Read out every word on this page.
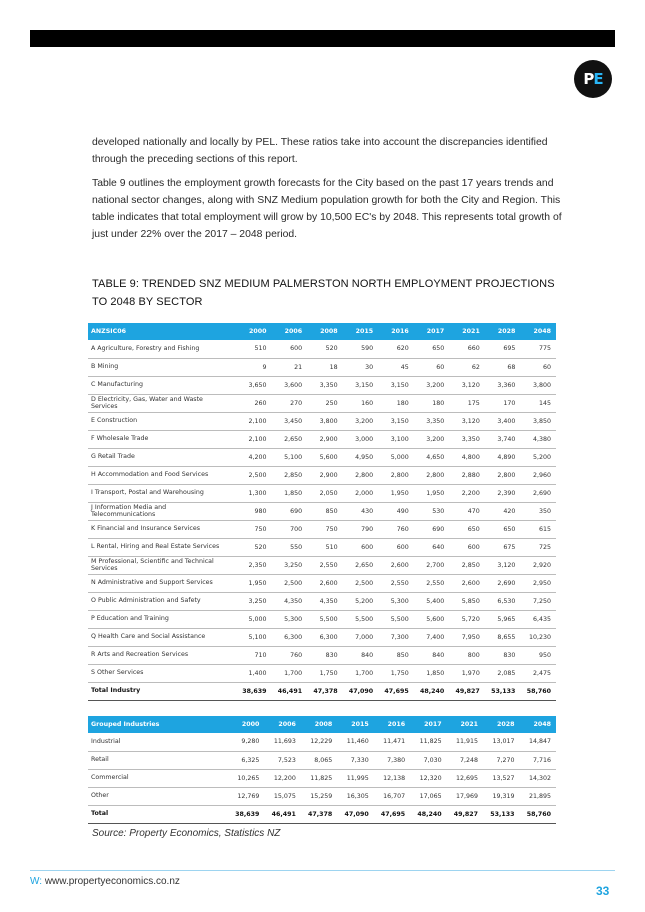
PE

developed nationally and locally by PEL. These ratios take into account the discrepancies identified through the preceding sections of this report.

Table 9 outlines the employment growth forecasts for the City based on the past 17 years trends and national sector changes, along with SNZ Medium population growth for both the City and Region. This table indicates that total employment will grow by 10,500 EC's by 2048. This represents total growth of just under 22% over the 2017 – 2048 period.

TABLE 9: TRENDED SNZ MEDIUM PALMERSTON NORTH EMPLOYMENT PROJECTIONS TO 2048 BY SECTOR
ANZSIC06	2000	2006	2008	2015	2016	2017	2021	2028	2048
A Agriculture, Forestry and Fishing	510	600	520	590	620	650	660	695	775
B Mining	9	21	18	30	45	60	62	68	60
C Manufacturing	3,650	3,600	3,350	3,150	3,150	3,200	3,120	3,360	3,800
D Electricity, Gas, Water and Waste Services	260	270	250	160	180	180	175	170	145
E Construction	2,100	3,450	3,800	3,200	3,150	3,350	3,120	3,400	3,850
F Wholesale Trade	2,100	2,650	2,900	3,000	3,100	3,200	3,350	3,740	4,380
G Retail Trade	4,200	5,100	5,600	4,950	5,000	4,650	4,800	4,890	5,200
H Accommodation and Food Services	2,500	2,850	2,900	2,800	2,800	2,800	2,880	2,800	2,960
I Transport, Postal and Warehousing	1,300	1,850	2,050	2,000	1,950	1,950	2,200	2,390	2,690
J Information Media and Telecommunications	980	690	850	430	490	530	470	420	350
K Financial and Insurance Services	750	700	750	790	760	690	650	650	615
L Rental, Hiring and Real Estate Services	520	550	510	600	600	640	600	675	725
M Professional, Scientific and Technical Services	2,350	3,250	2,550	2,650	2,600	2,700	2,850	3,120	2,920
N Administrative and Support Services	1,950	2,500	2,600	2,500	2,550	2,550	2,600	2,690	2,950
O Public Administration and Safety	3,250	4,350	4,350	5,200	5,300	5,400	5,850	6,530	7,250
P Education and Training	5,000	5,300	5,500	5,500	5,500	5,600	5,720	5,965	6,435
Q Health Care and Social Assistance	5,100	6,300	6,300	7,000	7,300	7,400	7,950	8,655	10,230
R Arts and Recreation Services	710	760	830	840	850	840	800	830	950
S Other Services	1,400	1,700	1,750	1,700	1,750	1,850	1,970	2,085	2,475
Total Industry	38,639	46,491	47,378	47,090	47,695	48,240	49,827	53,133	58,760
Grouped Industries	2000	2006	2008	2015	2016	2017	2021	2028	2048
Industrial	9,280	11,693	12,229	11,460	11,471	11,825	11,915	13,017	14,847
Retail	6,325	7,523	8,065	7,330	7,380	7,030	7,248	7,270	7,716
Commercial	10,265	12,200	11,825	11,995	12,138	12,320	12,695	13,527	14,302
Other	12,769	15,075	15,259	16,305	16,707	17,065	17,969	19,319	21,895
Total	38,639	46,491	47,378	47,090	47,695	48,240	49,827	53,133	58,760
Source: Property Economics, Statistics NZ
W: www.propertyeconomics.co.nz
33
